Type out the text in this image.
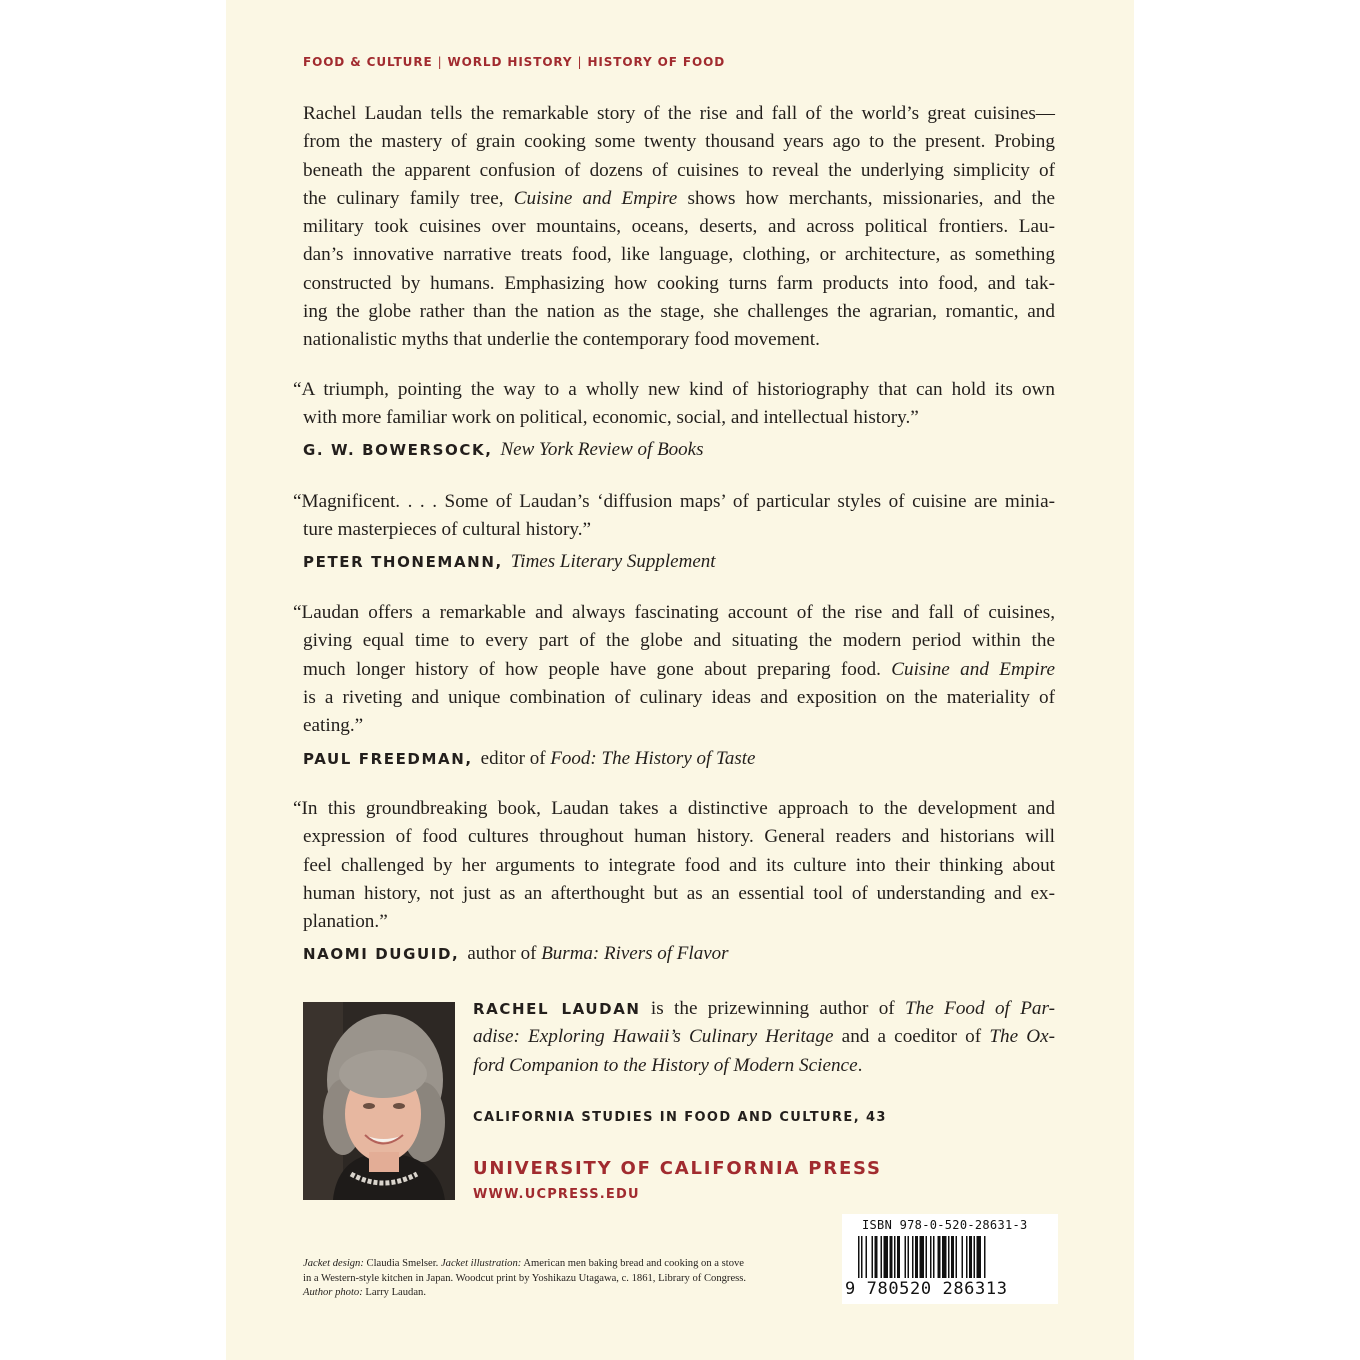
FOOD & CULTURE | WORLD HISTORY | HISTORY OF FOOD
Rachel Laudan tells the remarkable story of the rise and fall of the world’s great cuisines—
from the mastery of grain cooking some twenty thousand years ago to the present. Probing
beneath the apparent confusion of dozens of cuisines to reveal the underlying simplicity of
the culinary family tree, Cuisine and Empire shows how merchants, missionaries, and the
military took cuisines over mountains, oceans, deserts, and across political frontiers. Lau-
dan’s innovative narrative treats food, like language, clothing, or architecture, as something
constructed by humans. Emphasizing how cooking turns farm products into food, and tak-
ing the globe rather than the nation as the stage, she challenges the agrarian, romantic, and
nationalistic myths that underlie the contemporary food movement.
“A triumph, pointing the way to a wholly new kind of historiography that can hold its own
with more familiar work on political, economic, social, and intellectual history.”
G. W. BOWERSOCK, New York Review of Books
“Magnificent. . . . Some of Laudan’s ‘diffusion maps’ of particular styles of cuisine are minia-
ture masterpieces of cultural history.”
PETER THONEMANN, Times Literary Supplement
“Laudan offers a remarkable and always fascinating account of the rise and fall of cuisines,
giving equal time to every part of the globe and situating the modern period within the
much longer history of how people have gone about preparing food. Cuisine and Empire
is a riveting and unique combination of culinary ideas and exposition on the materiality of
eating.”
PAUL FREEDMAN, editor of Food: The History of Taste
“In this groundbreaking book, Laudan takes a distinctive approach to the development and
expression of food cultures throughout human history. General readers and historians will
feel challenged by her arguments to integrate food and its culture into their thinking about
human history, not just as an afterthought but as an essential tool of understanding and ex-
planation.”
NAOMI DUGUID, author of Burma: Rivers of Flavor
RACHEL LAUDAN is the prizewinning author of The Food of Par-
adise: Exploring Hawaii’s Culinary Heritage and a coeditor of The Ox-
ford Companion to the History of Modern Science.
CALIFORNIA STUDIES IN FOOD AND CULTURE, 43
UNIVERSITY OF CALIFORNIA PRESS
WWW.UCPRESS.EDU
Jacket design: Claudia Smelser. Jacket illustration: American men baking bread and cooking on a stove
in a Western-style kitchen in Japan. Woodcut print by Yoshikazu Utagawa, c. 1861, Library of Congress.
Author photo: Larry Laudan.
ISBN 978-0-520-28631-3
9 780520 286313
